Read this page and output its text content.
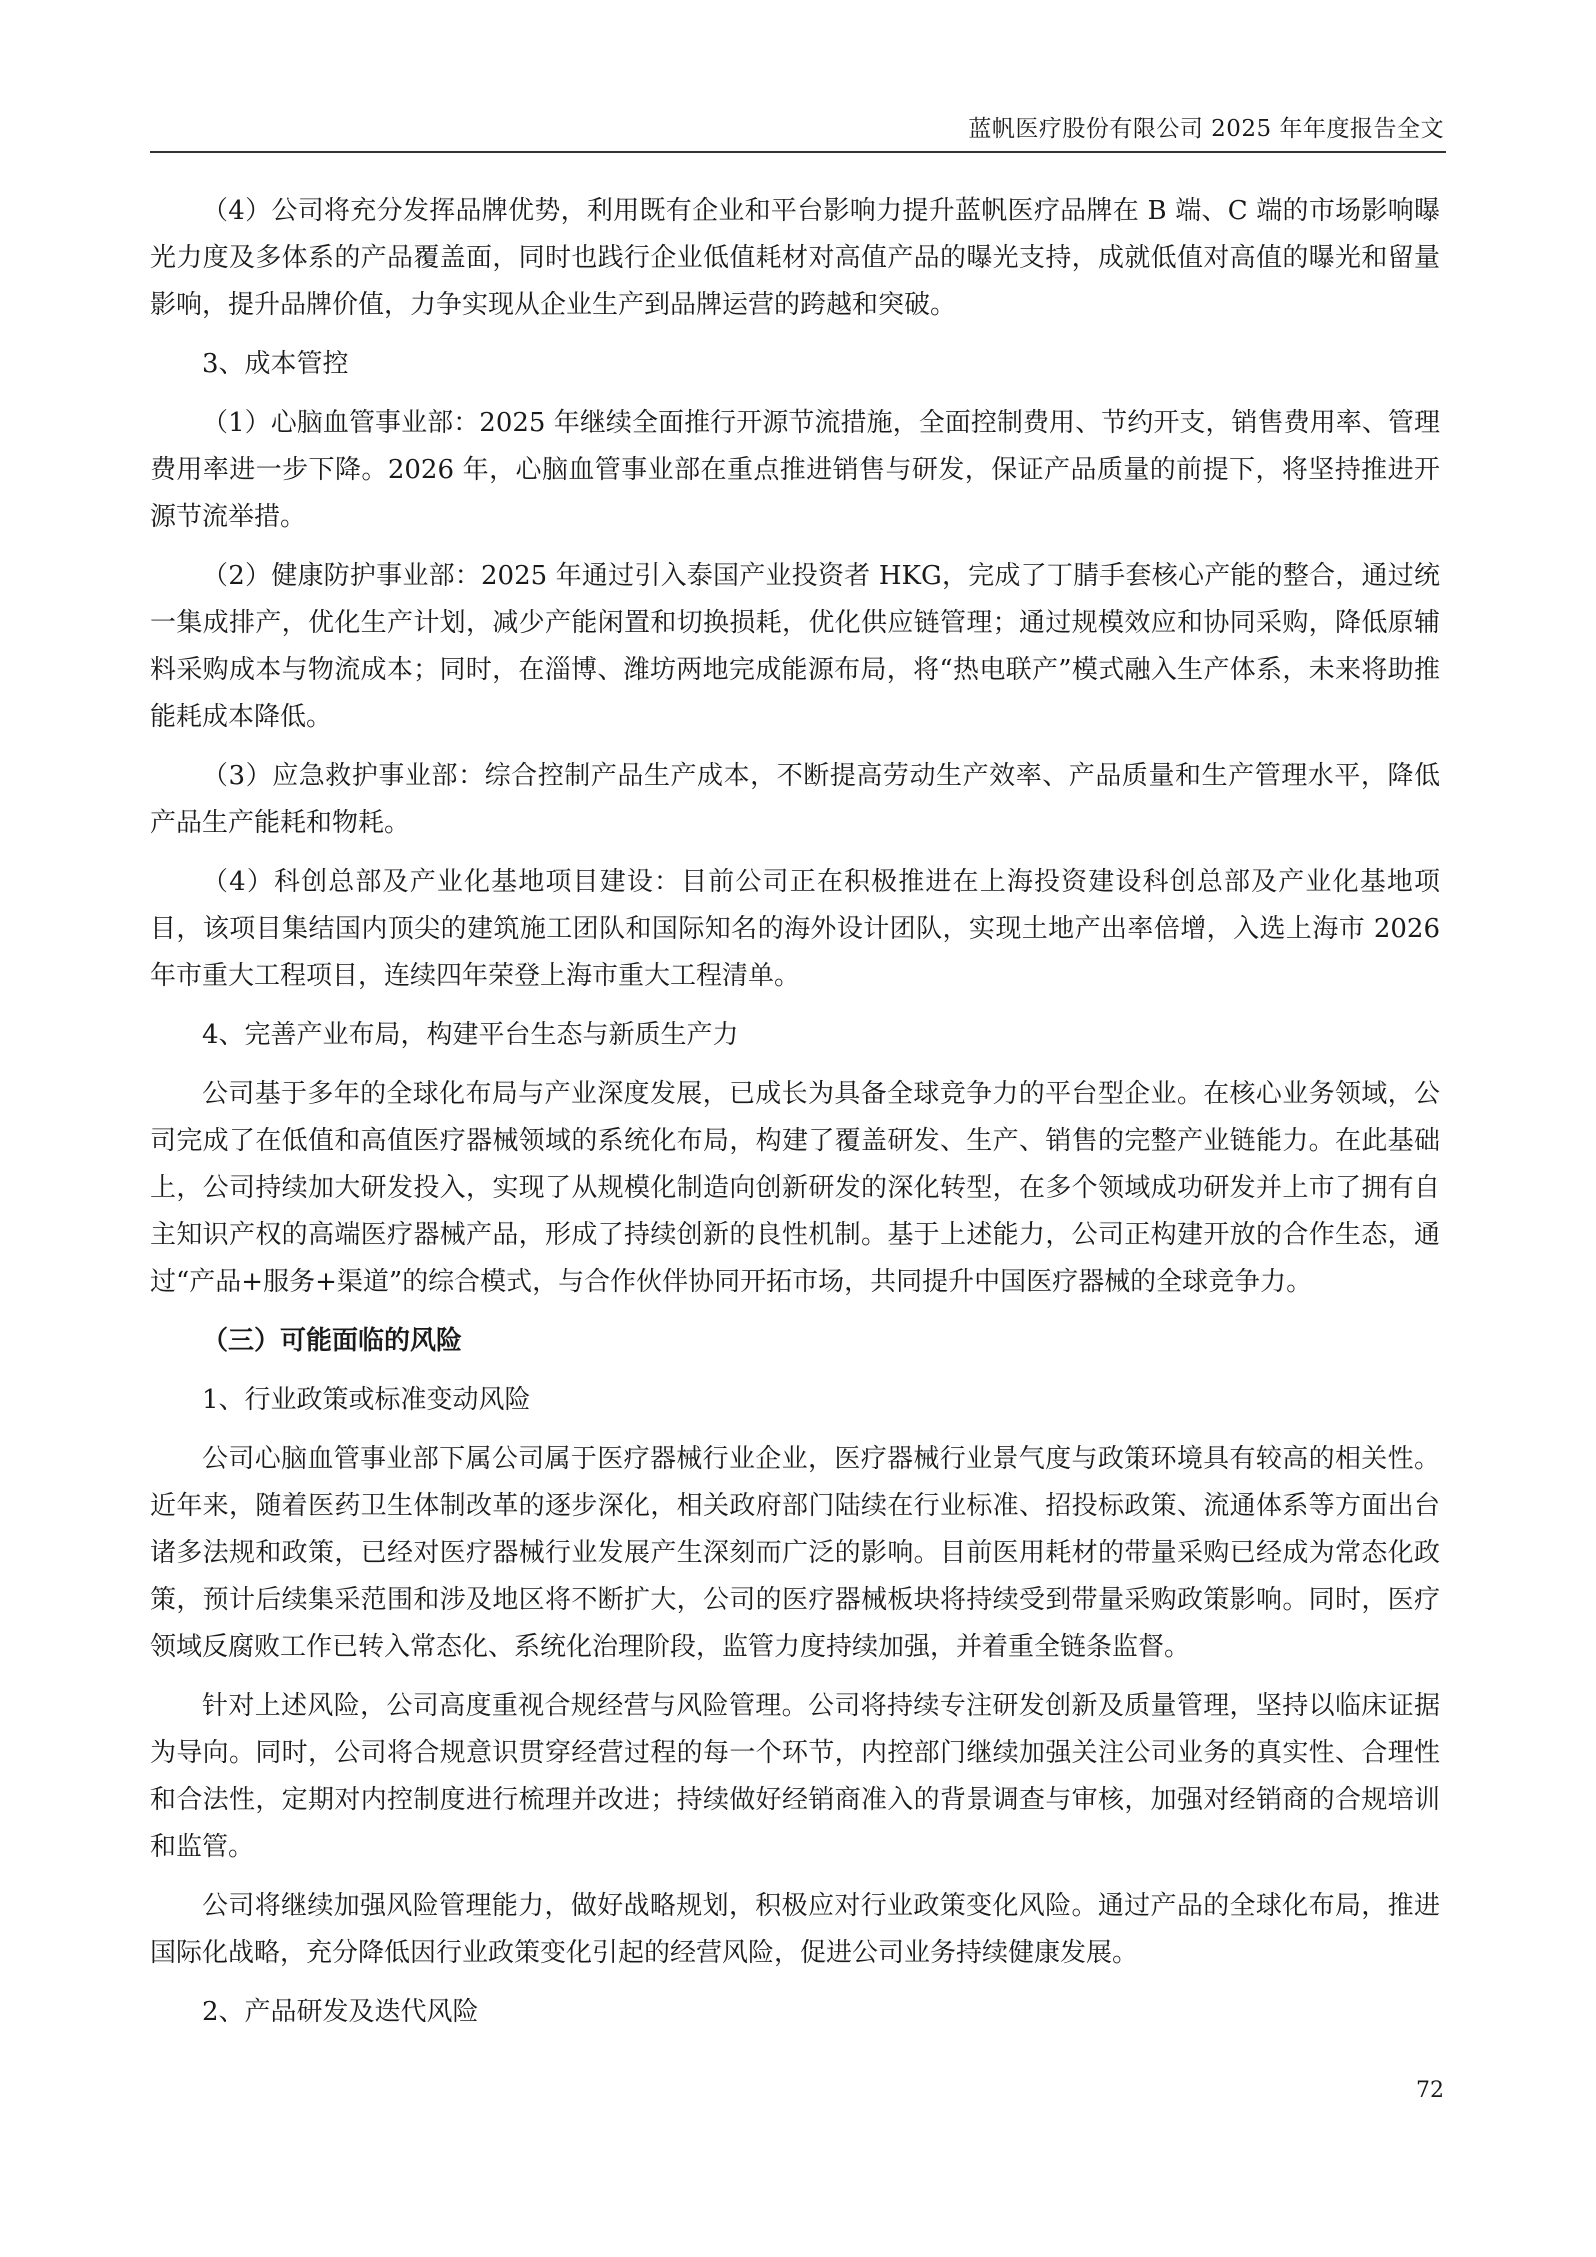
蓝帆医疗股份有限公司 2025 年年度报告全文

（4）公司将充分发挥品牌优势，利用既有企业和平台影响力提升蓝帆医疗品牌在 B 端、C 端的市场影响曝光力度及多体系的产品覆盖面，同时也践行企业低值耗材对高值产品的曝光支持，成就低值对高值的曝光和留量影响，提升品牌价值，力争实现从企业生产到品牌运营的跨越和突破。

3、成本管控

（1）心脑血管事业部：2025 年继续全面推行开源节流措施，全面控制费用、节约开支，销售费用率、管理费用率进一步下降。2026 年，心脑血管事业部在重点推进销售与研发，保证产品质量的前提下，将坚持推进开源节流举措。

（2）健康防护事业部：2025 年通过引入泰国产业投资者 HKG，完成了丁腈手套核心产能的整合，通过统一集成排产，优化生产计划，减少产能闲置和切换损耗，优化供应链管理；通过规模效应和协同采购，降低原辅料采购成本与物流成本；同时，在淄博、潍坊两地完成能源布局，将“热电联产”模式融入生产体系，未来将助推能耗成本降低。

（3）应急救护事业部：综合控制产品生产成本，不断提高劳动生产效率、产品质量和生产管理水平，降低产品生产能耗和物耗。

（4）科创总部及产业化基地项目建设：目前公司正在积极推进在上海投资建设科创总部及产业化基地项目，该项目集结国内顶尖的建筑施工团队和国际知名的海外设计团队，实现土地产出率倍增，入选上海市 2026 年市重大工程项目，连续四年荣登上海市重大工程清单。

4、完善产业布局，构建平台生态与新质生产力

公司基于多年的全球化布局与产业深度发展，已成长为具备全球竞争力的平台型企业。在核心业务领域，公司完成了在低值和高值医疗器械领域的系统化布局，构建了覆盖研发、生产、销售的完整产业链能力。在此基础上，公司持续加大研发投入，实现了从规模化制造向创新研发的深化转型，在多个领域成功研发并上市了拥有自主知识产权的高端医疗器械产品，形成了持续创新的良性机制。基于上述能力，公司正构建开放的合作生态，通过“产品+服务+渠道”的综合模式，与合作伙伴协同开拓市场，共同提升中国医疗器械的全球竞争力。

（三）可能面临的风险

1、行业政策或标准变动风险

公司心脑血管事业部下属公司属于医疗器械行业企业，医疗器械行业景气度与政策环境具有较高的相关性。近年来，随着医药卫生体制改革的逐步深化，相关政府部门陆续在行业标准、招投标政策、流通体系等方面出台诸多法规和政策，已经对医疗器械行业发展产生深刻而广泛的影响。目前医用耗材的带量采购已经成为常态化政策，预计后续集采范围和涉及地区将不断扩大，公司的医疗器械板块将持续受到带量采购政策影响。同时，医疗领域反腐败工作已转入常态化、系统化治理阶段，监管力度持续加强，并着重全链条监督。

针对上述风险，公司高度重视合规经营与风险管理。公司将持续专注研发创新及质量管理，坚持以临床证据为导向。同时，公司将合规意识贯穿经营过程的每一个环节，内控部门继续加强关注公司业务的真实性、合理性和合法性，定期对内控制度进行梳理并改进；持续做好经销商准入的背景调查与审核，加强对经销商的合规培训和监管。

公司将继续加强风险管理能力，做好战略规划，积极应对行业政策变化风险。通过产品的全球化布局，推进国际化战略，充分降低因行业政策变化引起的经营风险，促进公司业务持续健康发展。

2、产品研发及迭代风险

72
